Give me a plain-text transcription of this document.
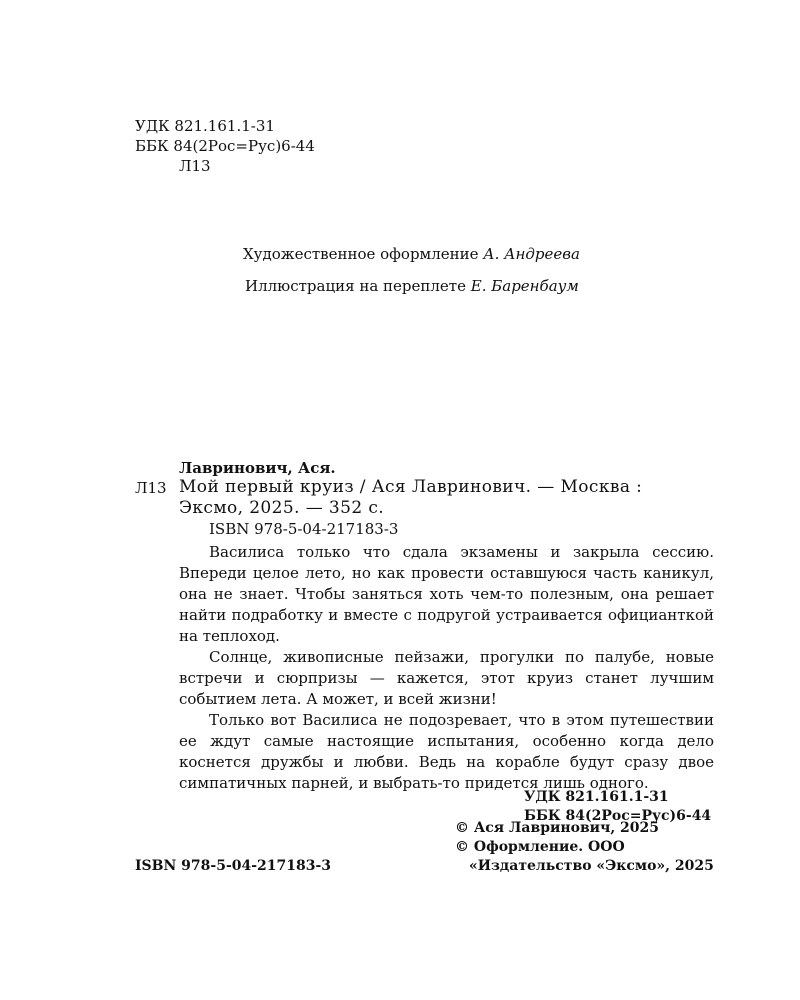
УДК 821.161.1-31
ББК 84(2Рос=Рус)6-44
Л13
Художественное оформление А. Андреева
Иллюстрация на переплете Е. Баренбаум
Лавринович, Ася.
Л13 Мой первый круиз / Ася Лавринович. — Москва :
Эксмо, 2025. — 352 с.
ISBN 978-5-04-217183-3

Василиса только что сдала экзамены и закрыла сессию. Впереди целое лето, но как провести оставшуюся часть каникул, она не знает. Чтобы заняться хоть чем-то полезным, она решает найти подработку и вместе с подругой устраивается официанткой на теплоход.

Солнце, живописные пейзажи, прогулки по палубе, новые встречи и сюрпризы — кажется, этот круиз станет лучшим событием лета. А может, и всей жизни!

Только вот Василиса не подозревает, что в этом путешествии ее ждут самые настоящие испытания, особенно когда дело коснется дружбы и любви. Ведь на корабле будут сразу двое симпатичных парней, и выбрать-то придется лишь одного.

УДК 821.161.1-31
ББК 84(2Рос=Рус)6-44
© Ася Лавринович, 2025
© Оформление. ООО
«Издательство «Эксмо», 2025
ISBN 978-5-04-217183-3
